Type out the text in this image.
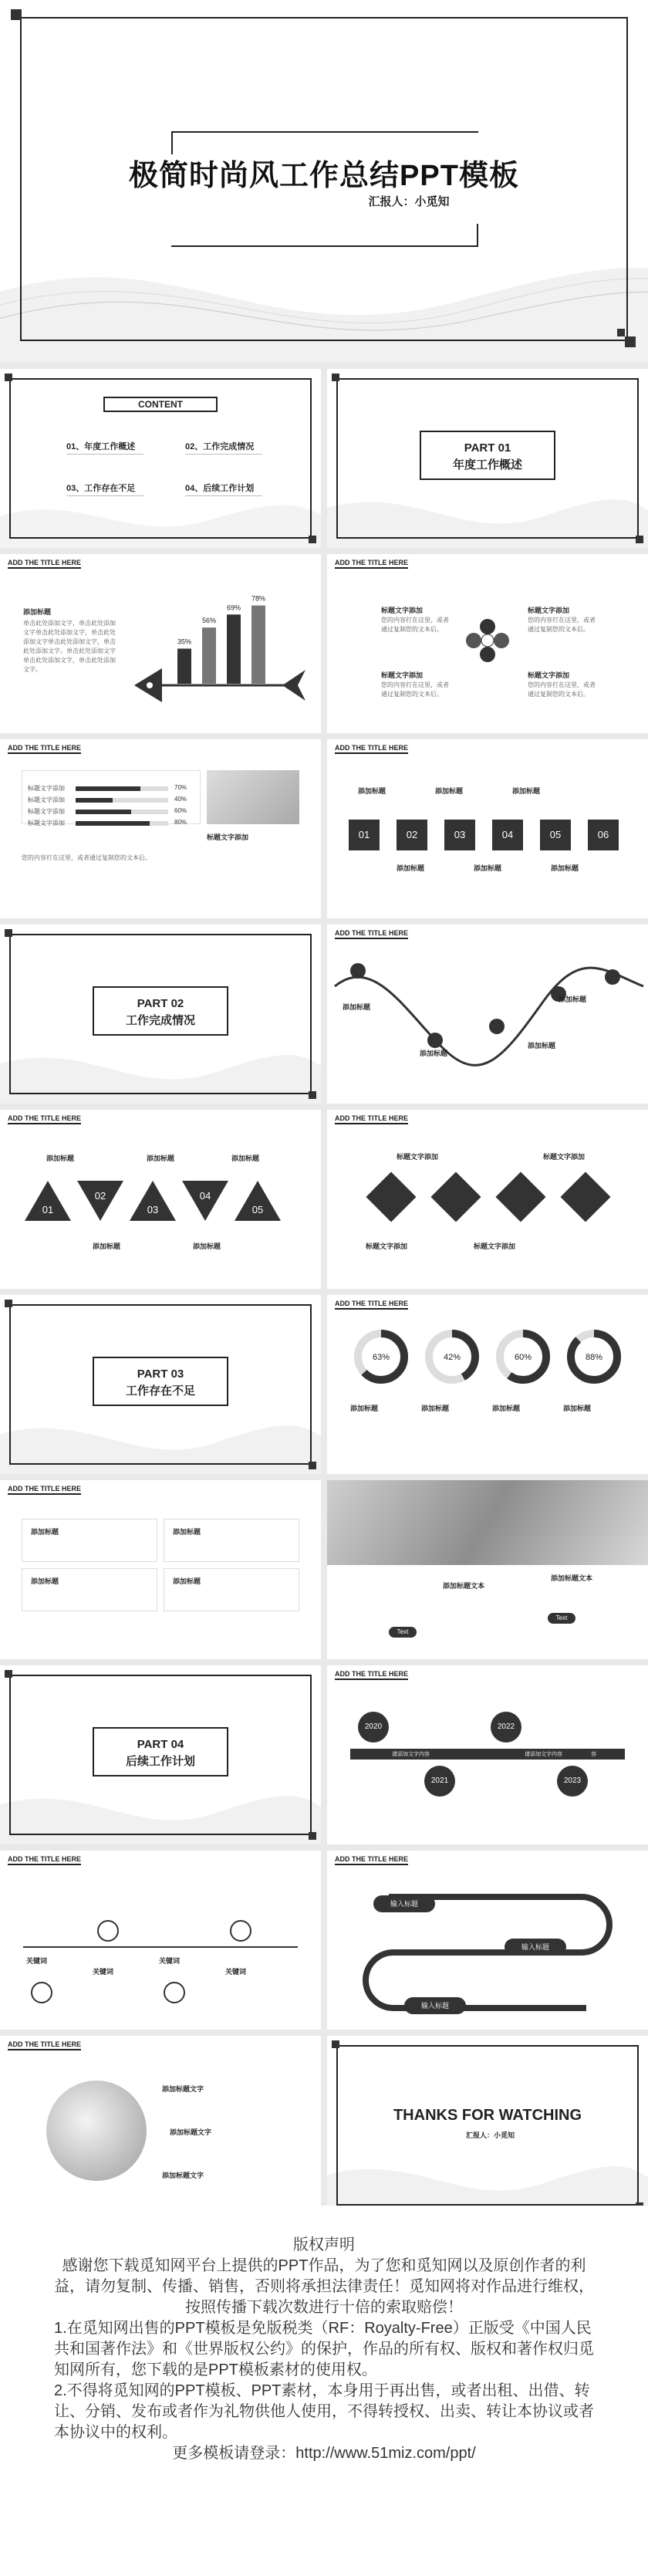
极简时尚风工作总结PPT模板
汇报人：小觅知
CONTENT
01、年度工作概述	02、工作完成情况
03、工作存在不足	04、后续工作计划
PART 01
年度工作概述
ADD THE TITLE HERE
添加标题
单击此处添加文字，单击此处添加文字单击此处添加文字，单击此处添加文字单击此处添加文字，单击此处添加文字。单击此处添加文字单击此处添加文字，单击此处添加文字。
35%
56%
69%
78%
ADD THE TITLE HERE
标题文字添加
您的内容打在这里，或者通过复制您的文本后。
标题文字添加
您的内容打在这里，或者通过复制您的文本后。
标题文字添加
您的内容打在这里，或者通过复制您的文本后。
标题文字添加
您的内容打在这里，或者通过复制您的文本后。
ADD THE TITLE HERE
标题文字添加	70%
标题文字添加	40%
标题文字添加	60%
标题文字添加	80%
标题文字添加
您的内容打在这里，或者通过复制您的文本后。
ADD THE TITLE HERE
01	02	03	04	05	06
添加标题	添加标题	添加标题
添加标题	添加标题	添加标题
PART 02
工作完成情况
ADD THE TITLE HERE
添加标题
添加标题
添加标题
添加标题
ADD THE TITLE HERE
01
02
03
04
05
添加标题	添加标题	添加标题
添加标题	添加标题
ADD THE TITLE HERE
标题文字添加	标题文字添加
标题文字添加	标题文字添加
PART 03
工作存在不足
ADD THE TITLE HERE
63%
添加标题
42%
添加标题
60%
添加标题
88%
添加标题
ADD THE TITLE HERE
添加标题	添加标题
添加标题	添加标题
添加标题文本
添加标题文本
Text
Text
PART 04
后续工作计划
ADD THE TITLE HERE
2020
请添加文字内容
2021
请添加文字内容
2022
请添加文字内容
2023
请添加文字内容
ADD THE TITLE HERE
关键词
关键词
关键词
关键词
ADD THE TITLE HERE
输入标题
输入标题
输入标题
ADD THE TITLE HERE
添加标题文字
添加标题文字
添加标题文字
THANKS FOR WATCHING
汇报人：小觅知

版权声明

感谢您下载觅知网平台上提供的PPT作品，为了您和觅知网以及原创作者的利益，请勿复制、传播、销售，否则将承担法律责任！觅知网将对作品进行维权，按照传播下载次数进行十倍的索取赔偿！

1.在觅知网出售的PPT模板是免版税类（RF：Royalty-Free）正版受《中国人民共和国著作法》和《世界版权公约》的保护，作品的所有权、版权和著作权归觅知网所有，您下载的是PPT模板素材的使用权。

2.不得将觅知网的PPT模板、PPT素材，本身用于再出售，或者出租、出借、转让、分销、发布或者作为礼物供他人使用，不得转授权、出卖、转让本协议或者本协议中的权利。

更多模板请登录：http://www.51miz.com/ppt/
